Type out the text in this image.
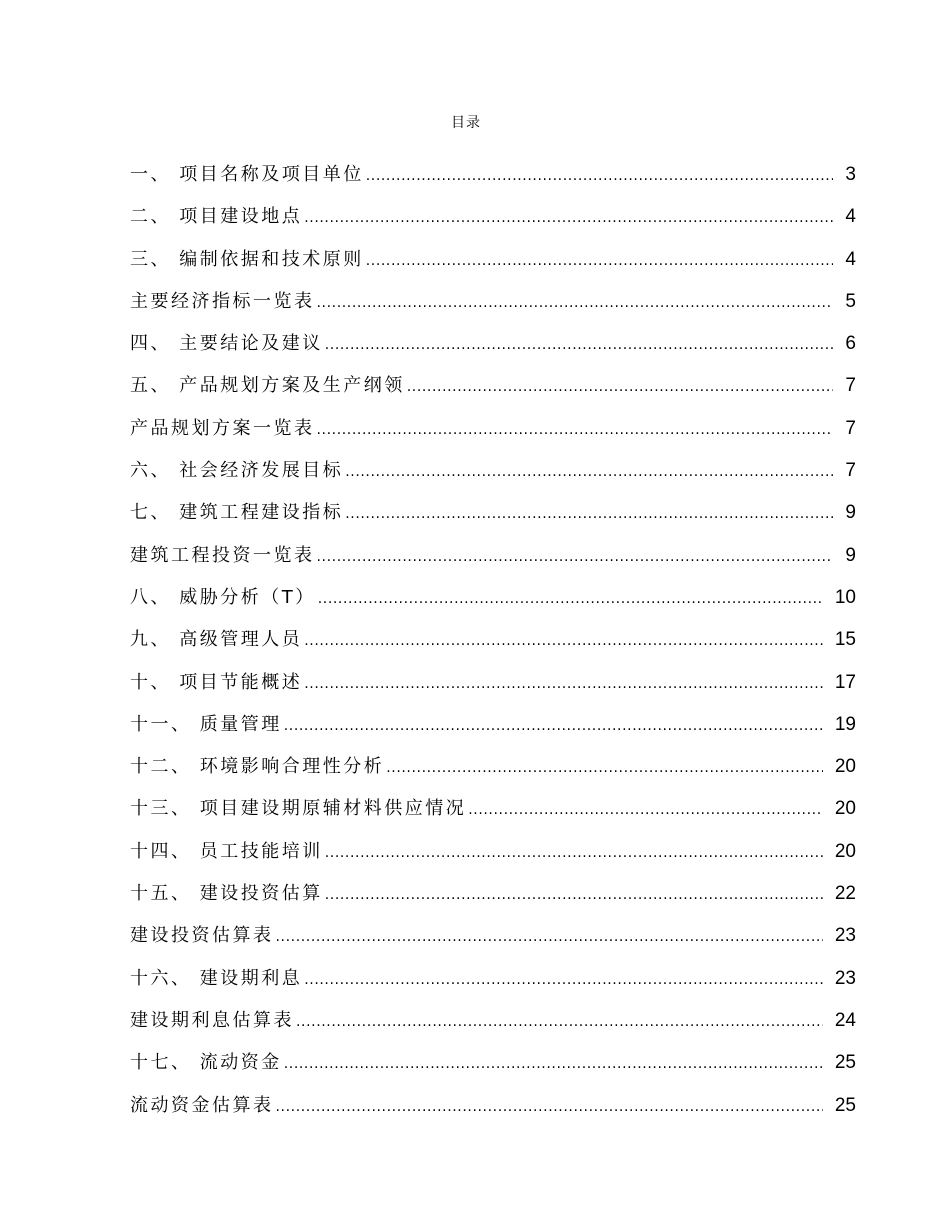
目录
一、 项目名称及项目单位 .....	3
二、 项目建设地点 .....	4
三、 编制依据和技术原则 .....	4
主要经济指标一览表 .....	5
四、 主要结论及建议 .....	6
五、 产品规划方案及生产纲领 .....	7
产品规划方案一览表 .....	7
六、 社会经济发展目标 .....	7
七、 建筑工程建设指标 .....	9
建筑工程投资一览表 .....	9
八、 威胁分析（T） .....	10
九、 高级管理人员 .....	15
十、 项目节能概述 .....	17
十一、 质量管理 .....	19
十二、 环境影响合理性分析 .....	20
十三、 项目建设期原辅材料供应情况 .....	20
十四、 员工技能培训 .....	20
十五、 建设投资估算 .....	22
建设投资估算表 .....	23
十六、 建设期利息 .....	23
建设期利息估算表 .....	24
十七、 流动资金 .....	25
流动资金估算表 .....	25
